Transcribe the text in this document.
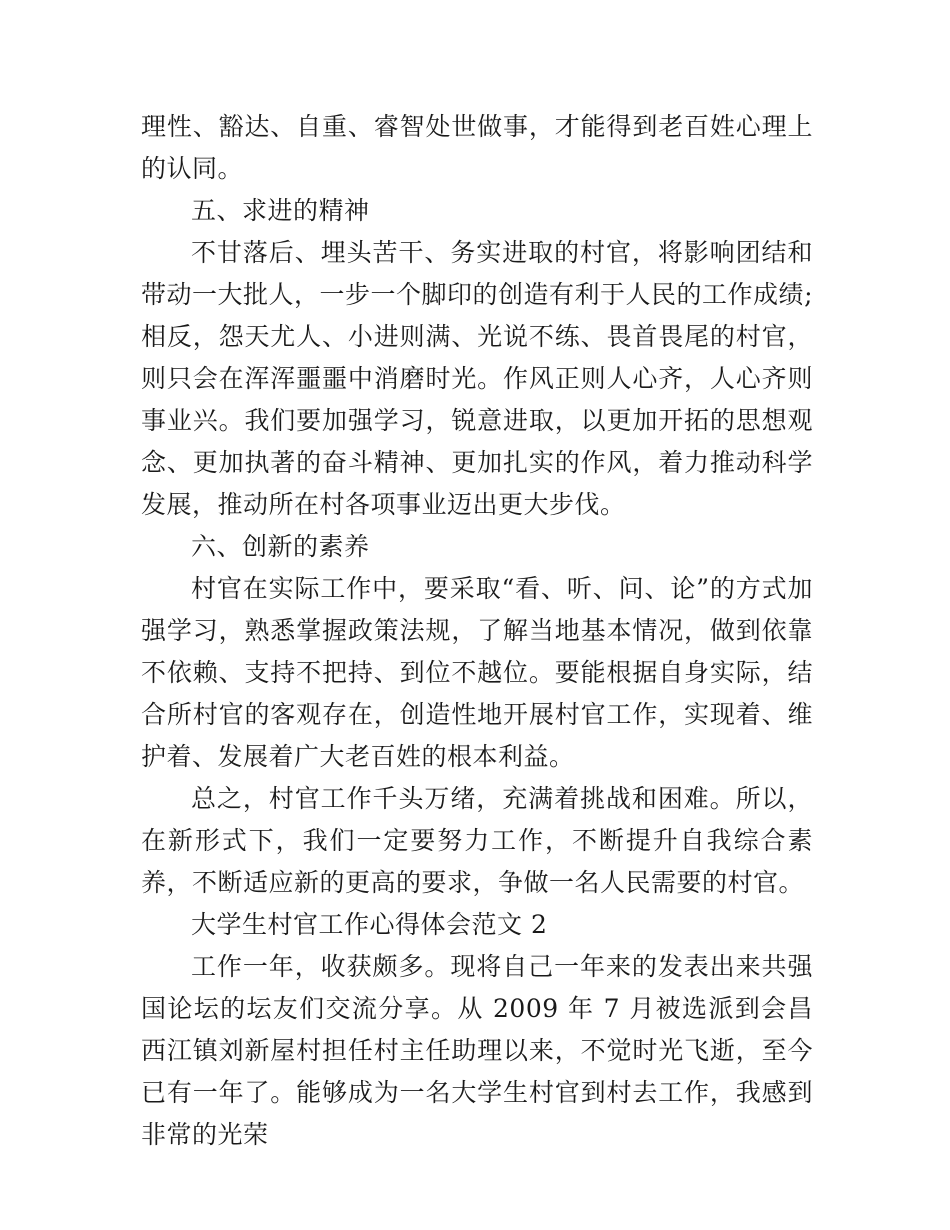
理性、豁达、自重、睿智处世做事，才能得到老百姓心理上的认同。

五、求进的精神

不甘落后、埋头苦干、务实进取的村官，将影响团结和带动一大批人，一步一个脚印的创造有利于人民的工作成绩;相反，怨天尤人、小进则满、光说不练、畏首畏尾的村官，则只会在浑浑噩噩中消磨时光。作风正则人心齐，人心齐则事业兴。我们要加强学习，锐意进取，以更加开拓的思想观念、更加执著的奋斗精神、更加扎实的作风，着力推动科学发展，推动所在村各项事业迈出更大步伐。

六、创新的素养

村官在实际工作中，要采取“看、听、问、论”的方式加强学习，熟悉掌握政策法规，了解当地基本情况，做到依靠不依赖、支持不把持、到位不越位。要能根据自身实际，结合所村官的客观存在，创造性地开展村官工作，实现着、维护着、发展着广大老百姓的根本利益。

总之，村官工作千头万绪，充满着挑战和困难。所以，在新形式下，我们一定要努力工作，不断提升自我综合素养，不断适应新的更高的要求，争做一名人民需要的村官。

大学生村官工作心得体会范文 2

工作一年，收获颇多。现将自己一年来的发表出来共强国论坛的坛友们交流分享。从 2009 年 7 月被选派到会昌西江镇刘新屋村担任村主任助理以来，不觉时光飞逝，至今已有一年了。能够成为一名大学生村官到村去工作，我感到非常的光荣
